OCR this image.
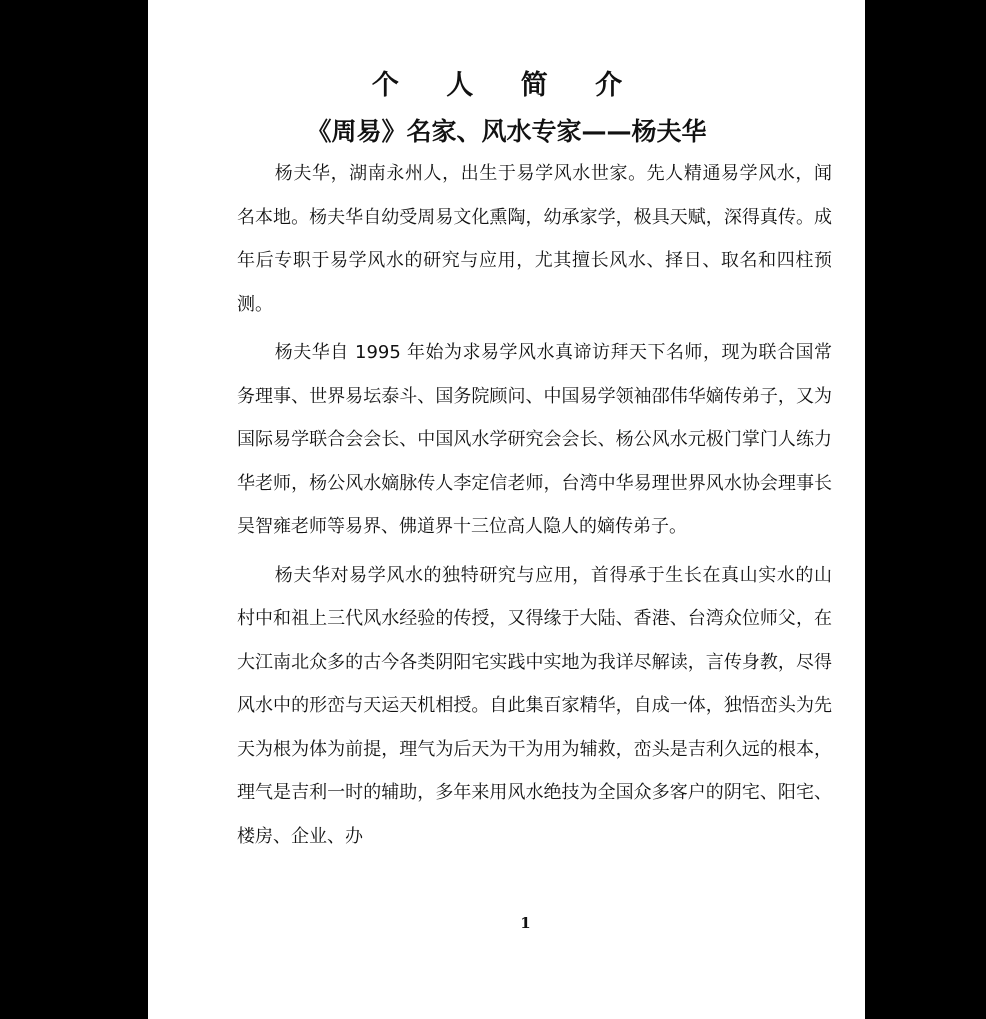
个 人 简 介
《周易》名家、风水专家——杨夫华

杨夫华，湖南永州人，出生于易学风水世家。先人精通易学风水，闻名本地。杨夫华自幼受周易文化熏陶，幼承家学，极具天赋，深得真传。成年后专职于易学风水的研究与应用，尤其擅长风水、择日、取名和四柱预测。

杨夫华自 1995 年始为求易学风水真谛访拜天下名师，现为联合国常务理事、世界易坛泰斗、国务院顾问、中国易学领袖邵伟华嫡传弟子，又为国际易学联合会会长、中国风水学研究会会长、杨公风水元极门掌门人练力华老师，杨公风水嫡脉传人李定信老师，台湾中华易理世界风水协会理事长吴智雍老师等易界、佛道界十三位高人隐人的嫡传弟子。

杨夫华对易学风水的独特研究与应用，首得承于生长在真山实水的山村中和祖上三代风水经验的传授，又得缘于大陆、香港、台湾众位师父，在大江南北众多的古今各类阴阳宅实践中实地为我详尽解读，言传身教，尽得风水中的形峦与天运天机相授。自此集百家精华，自成一体，独悟峦头为先天为根为体为前提，理气为后天为干为用为辅救，峦头是吉利久远的根本，理气是吉利一时的辅助，多年来用风水绝技为全国众多客户的阴宅、阳宅、楼房、企业、办

1
